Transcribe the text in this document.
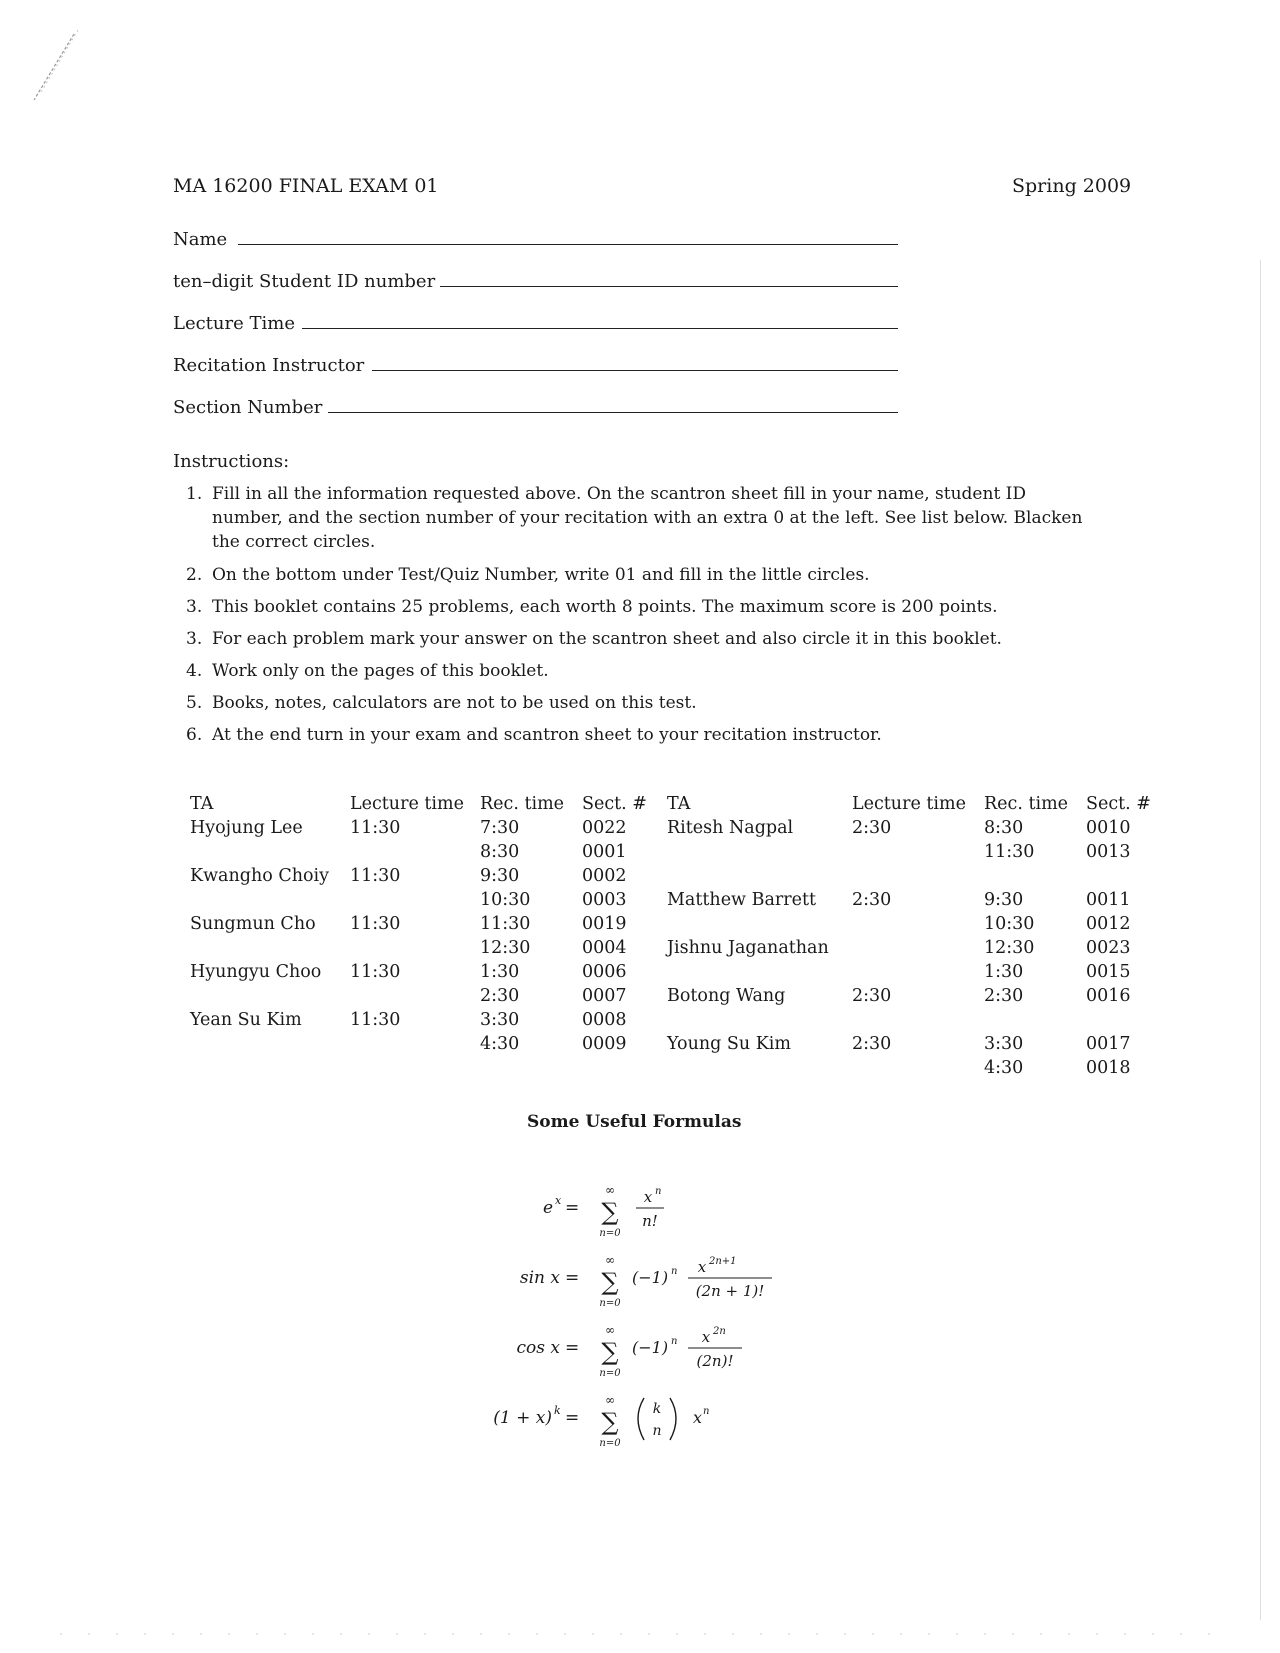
MA 16200 FINAL EXAM 01	Spring 2009
Name
ten–digit Student ID number
Lecture Time
Recitation Instructor
Section Number
Instructions:
1. Fill in all the information requested above. On the scantron sheet fill in your name, student ID number, and the section number of your recitation with an extra 0 at the left. See list below. Blacken the correct circles.
2. On the bottom under Test/Quiz Number, write 01 and fill in the little circles.
3. This booklet contains 25 problems, each worth 8 points. The maximum score is 200 points.
3. For each problem mark your answer on the scantron sheet and also circle it in this booklet.
4. Work only on the pages of this booklet.
5. Books, notes, calculators are not to be used on this test.
6. At the end turn in your exam and scantron sheet to your recitation instructor.
TA	Lecture time	Rec. time	Sect. #	TA	Lecture time	Rec. time	Sect. #
Hyojung Lee	11:30	7:30	0022	Ritesh Nagpal	2:30	8:30	0010
		8:30	0001			11:30	0013
Kwangho Choiy	11:30	9:30	0002				
		10:30	0003	Matthew Barrett	2:30	9:30	0011
Sungmun Cho	11:30	11:30	0019			10:30	0012
		12:30	0004	Jishnu Jaganathan		12:30	0023
Hyungyu Choo	11:30	1:30	0006			1:30	0015
		2:30	0007	Botong Wang	2:30	2:30	0016
Yean Su Kim	11:30	3:30	0008				
		4:30	0009	Young Su Kim	2:30	3:30	0017
						4:30	0018
Some Useful Formulas
e x =
∞
∑
n=0
x n
n!
sin x =
∞
∑
n=0
(−1) n x 2n+1
(2n + 1)!
cos x =
∞
∑
n=0
(−1) n x 2n
(2n)!
(1 + x) k =
∞
∑
n=0
k
n
x n
